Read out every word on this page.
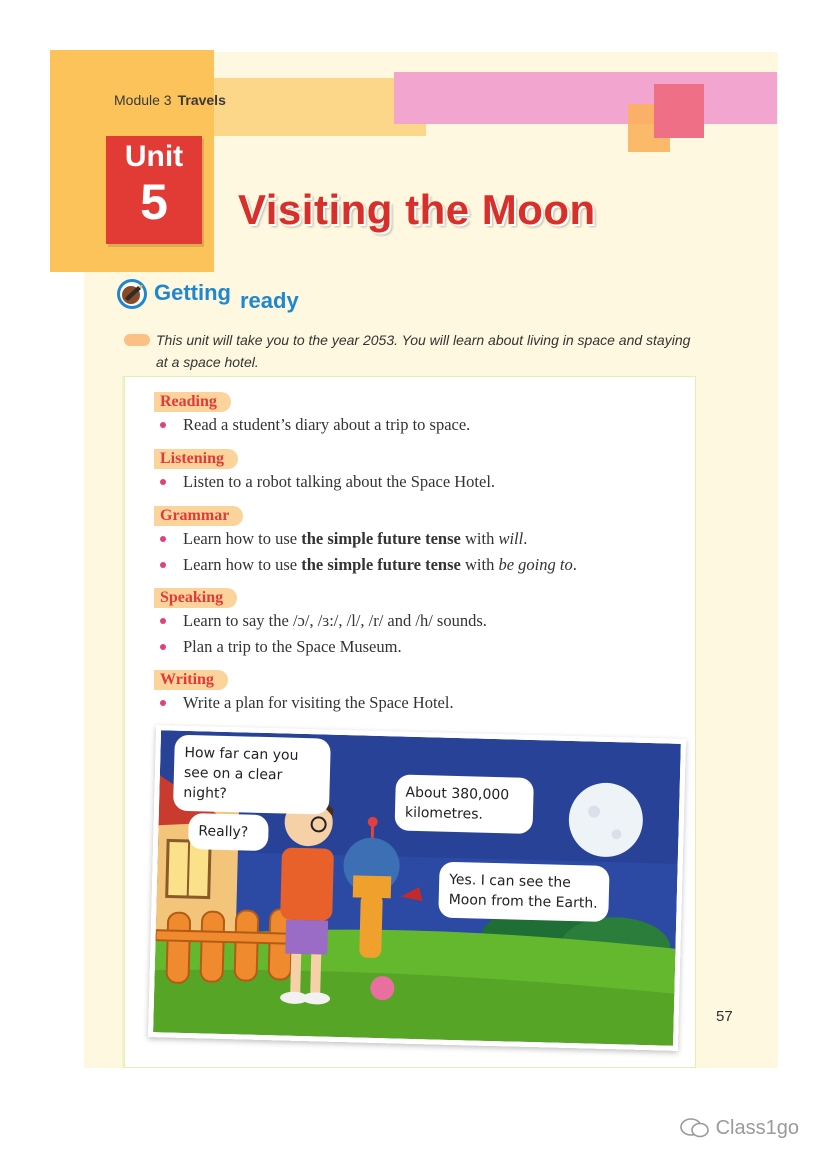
Module 3 Travels
Unit
5	Visiting the Moon
Getting ready
This unit will take you to the year 2053. You will learn about living in space and staying at a space hotel.
Reading
Read a student’s diary about a trip to space.
Listening
Listen to a robot talking about the Space Hotel.
Grammar
Learn how to use the simple future tense with will.
Learn how to use the simple future tense with be going to.
Speaking
Learn to say the /ɔ/, /ɜ:/, /l/, /r/ and /h/ sounds.
Plan a trip to the Space Museum.
Writing
Write a plan for visiting the Space Hotel.
How far can you see on a clear night?	About 380,000 kilometres.
Really?
Yes. I can see the Moon from the Earth.
57
Class1go
